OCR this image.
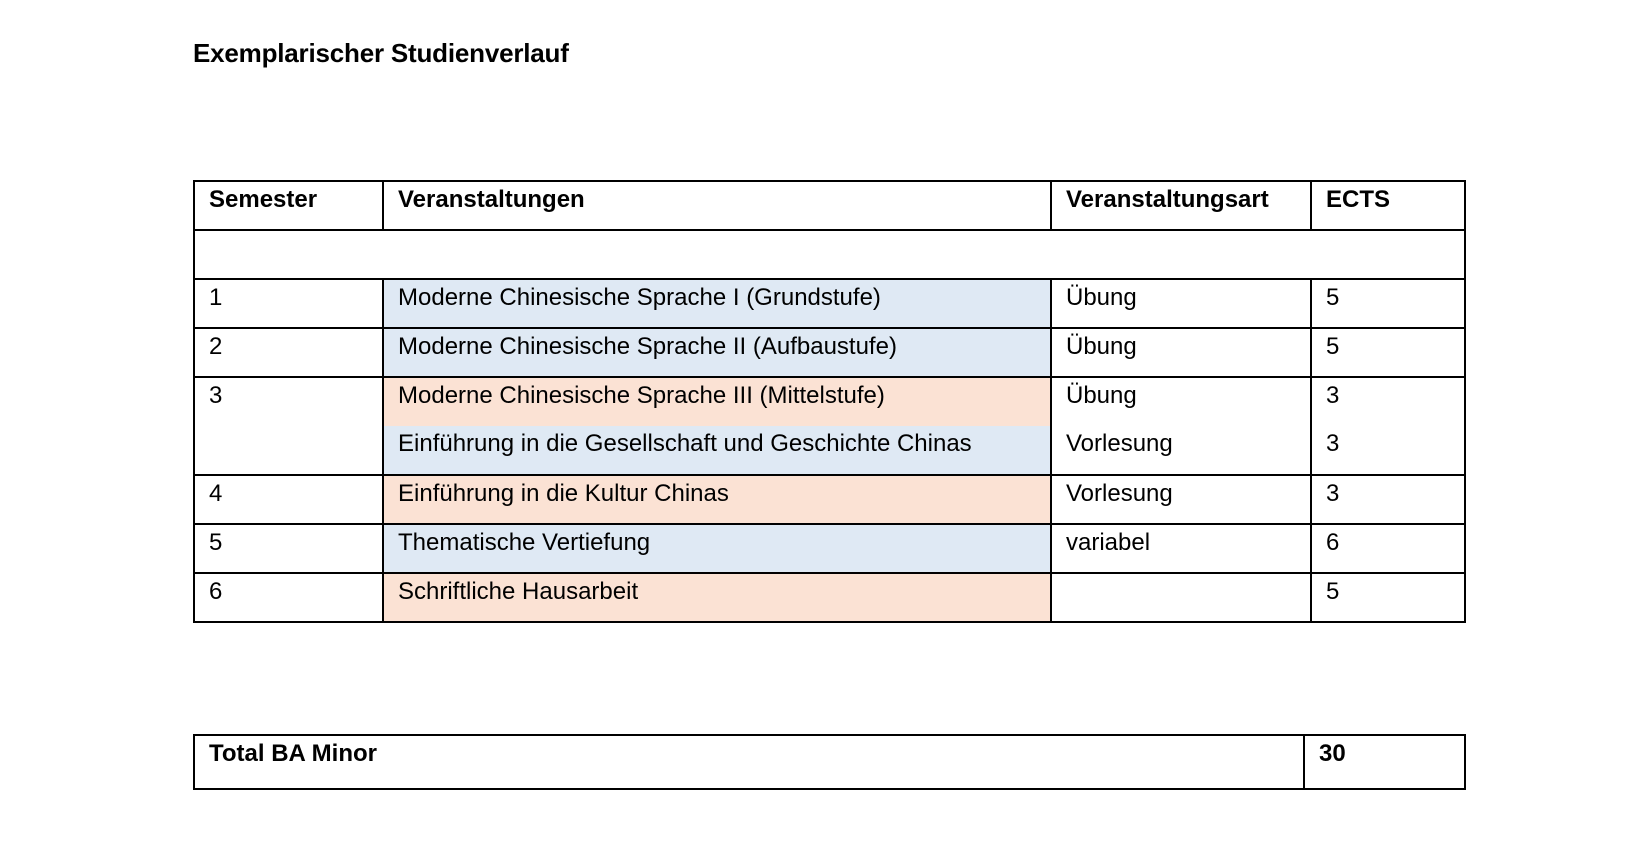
Exemplarischer Studienverlauf
Semester	Veranstaltungen	Veranstaltungsart	ECTS

1	Moderne Chinesische Sprache I (Grundstufe)	Übung	5
2	Moderne Chinesische Sprache II (Aufbaustufe)	Übung	5
3	Moderne Chinesische Sprache III (Mittelstufe)	Übung	3
	Einführung in die Gesellschaft und Geschichte Chinas	Vorlesung	3
4	Einführung in die Kultur Chinas	Vorlesung	3
5	Thematische Vertiefung	variabel	6
6	Schriftliche Hausarbeit		5
Total BA Minor	30
